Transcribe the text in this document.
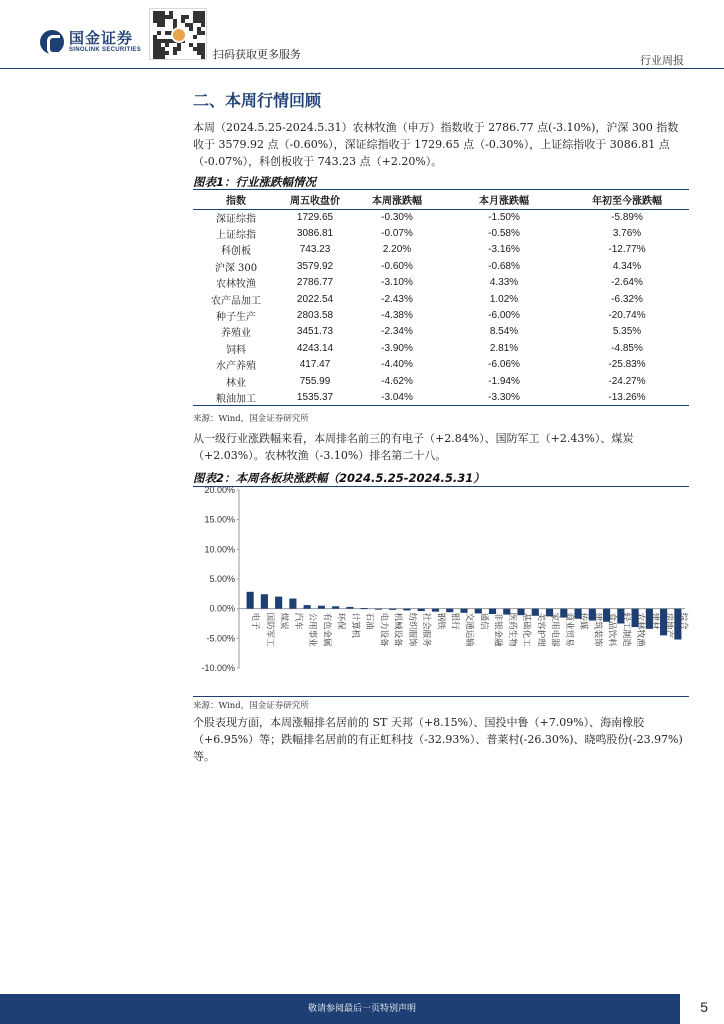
国金证券
SINOLINK SECURITIES	扫码获取更多服务	行业周报
二、本周行情回顾
本周（2024.5.25-2024.5.31）农林牧渔（申万）指数收于 2786.77 点(-3.10%)，沪深 300 指数收于 3579.92 点（-0.60%），深证综指收于 1729.65 点（-0.30%），上证综指收于 3086.81 点（-0.07%），科创板收于 743.23 点（+2.20%）。
图表1：行业涨跌幅情况
指数	周五收盘价	本周涨跌幅	本月涨跌幅	年初至今涨跌幅
深证综指	1729.65	-0.30%	-1.50%	-5.89%
上证综指	3086.81	-0.07%	-0.58%	3.76%
科创板	743.23	2.20%	-3.16%	-12.77%
沪深 300	3579.92	-0.60%	-0.68%	4.34%
农林牧渔	2786.77	-3.10%	4.33%	-2.64%
农产品加工	2022.54	-2.43%	1.02%	-6.32%
种子生产	2803.58	-4.38%	-6.00%	-20.74%
养殖业	3451.73	-2.34%	8.54%	5.35%
饲料	4243.14	-3.90%	2.81%	-4.85%
水产养殖	417.47	-4.40%	-6.06%	-25.83%
林业	755.99	-4.62%	-1.94%	-24.27%
粮油加工	1535.37	-3.04%	-3.30%	-13.26%
来源：Wind，国金证券研究所
从一级行业涨跌幅来看，本周排名前三的有电子（+2.84%）、国防军工（+2.43%）、煤炭（+2.03%）。农林牧渔（-3.10%）排名第二十八。
图表2：本周各板块涨跌幅（2024.5.25-2024.5.31）
20.00%
15.00%
10.00%
5.00%
0.00%
-5.00%
-10.00%
电子 国防军工 煤炭 汽车 公用事业 有色金属 环保 计算机 石油 电力设备 机械设备 纺织服饰 社会服务 钢铁 银行 交通运输 通信 非银金融 医药生物 基础化工 美容护理 家用电器 商业贸易 传媒 建筑装饰 食品饮料 轻工制造 农林牧渔 建材 房地产 综合
来源：Wind，国金证券研究所
个股表现方面，本周涨幅排名居前的 ST 天邦（+8.15%）、国投中鲁（+7.09%）、海南橡胶（+6.95%）等；跌幅排名居前的有正虹科技（-32.93%）、普莱村(-26.30%)、晓鸣股份(-23.97%)等。
敬请参阅最后一页特别声明	5
